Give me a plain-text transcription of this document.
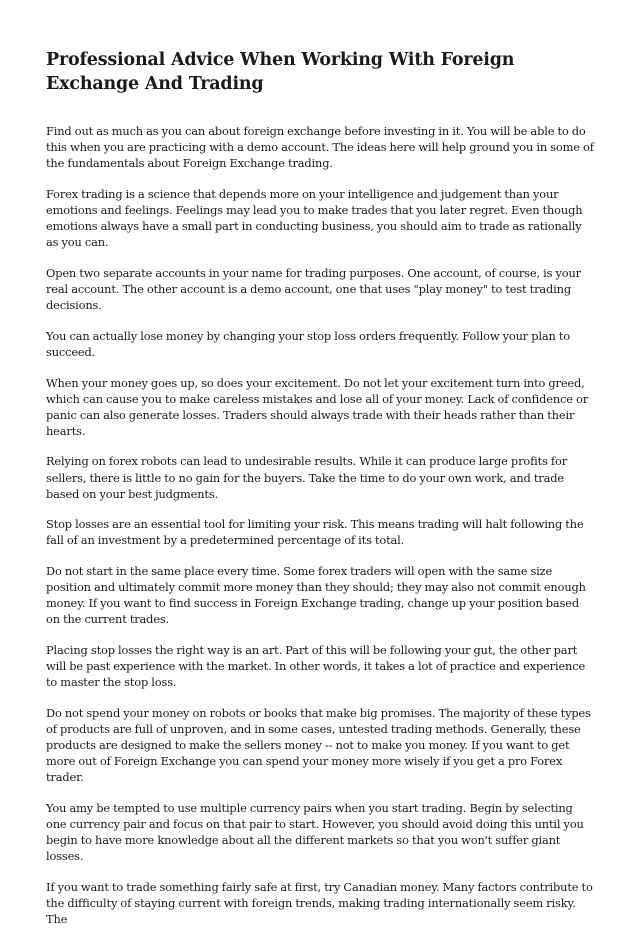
Professional Advice When Working With Foreign Exchange And Trading

Find out as much as you can about foreign exchange before investing in it. You will be able to do this when you are practicing with a demo account. The ideas here will help ground you in some of the fundamentals about Foreign Exchange trading.

Forex trading is a science that depends more on your intelligence and judgement than your emotions and feelings. Feelings may lead you to make trades that you later regret. Even though emotions always have a small part in conducting business, you should aim to trade as rationally as you can.

Open two separate accounts in your name for trading purposes. One account, of course, is your real account. The other account is a demo account, one that uses "play money" to test trading decisions.

You can actually lose money by changing your stop loss orders frequently. Follow your plan to succeed.

When your money goes up, so does your excitement. Do not let your excitement turn into greed, which can cause you to make careless mistakes and lose all of your money. Lack of confidence or panic can also generate losses. Traders should always trade with their heads rather than their hearts.

Relying on forex robots can lead to undesirable results. While it can produce large profits for sellers, there is little to no gain for the buyers. Take the time to do your own work, and trade based on your best judgments.

Stop losses are an essential tool for limiting your risk. This means trading will halt following the fall of an investment by a predetermined percentage of its total.

Do not start in the same place every time. Some forex traders will open with the same size position and ultimately commit more money than they should; they may also not commit enough money. If you want to find success in Foreign Exchange trading, change up your position based on the current trades.

Placing stop losses the right way is an art. Part of this will be following your gut, the other part will be past experience with the market. In other words, it takes a lot of practice and experience to master the stop loss.

Do not spend your money on robots or books that make big promises. The majority of these types of products are full of unproven, and in some cases, untested trading methods. Generally, these products are designed to make the sellers money -- not to make you money. If you want to get more out of Foreign Exchange you can spend your money more wisely if you get a pro Forex trader.

You amy be tempted to use multiple currency pairs when you start trading. Begin by selecting one currency pair and focus on that pair to start. However, you should avoid doing this until you begin to have more knowledge about all the different markets so that you won't suffer giant losses.

If you want to trade something fairly safe at first, try Canadian money. Many factors contribute to the difficulty of staying current with foreign trends, making trading internationally seem risky. The
